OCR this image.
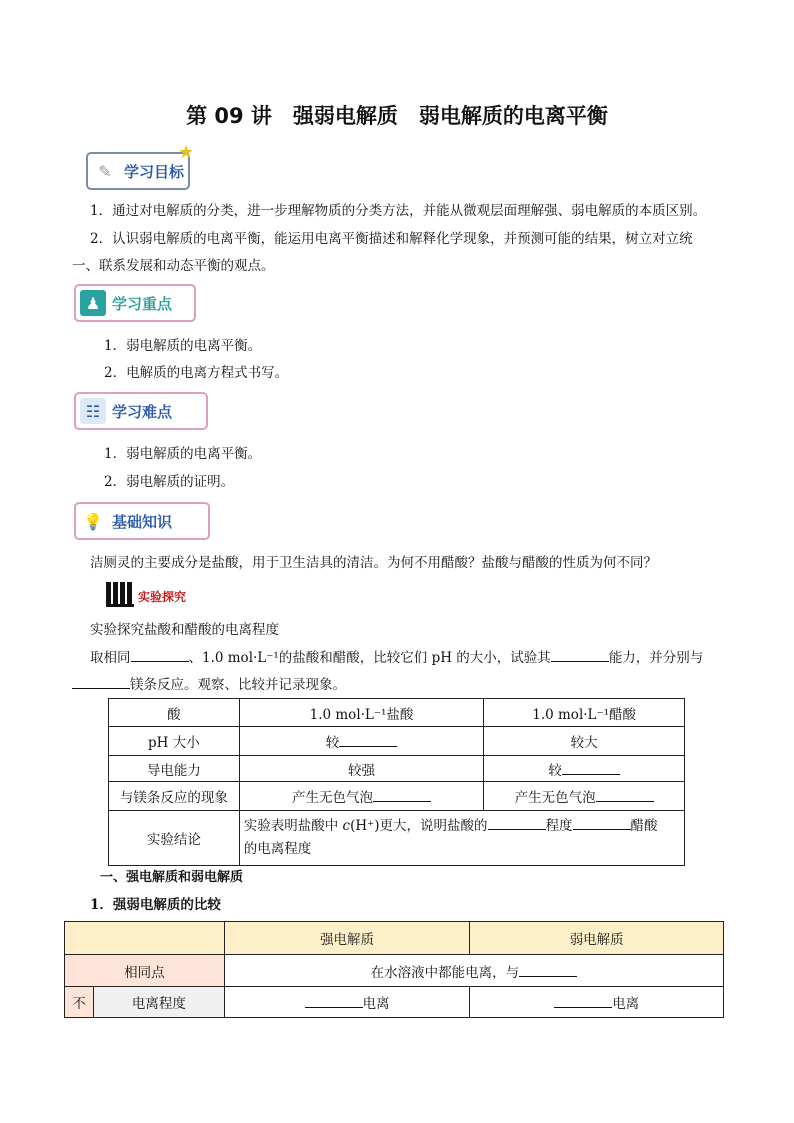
第 09 讲　强弱电解质　弱电解质的电离平衡
✎ 学习目标
★
1．通过对电解质的分类，进一步理解物质的分类方法，并能从微观层面理解强、弱电解质的本质区别。
2．认识弱电解质的电离平衡，能运用电离平衡描述和解释化学现象，并预测可能的结果，树立对立统
一、联系发展和动态平衡的观点。
♟ 学习重点
1．弱电解质的电离平衡。
2．电解质的电离方程式书写。
☷ 学习难点
1．弱电解质的电离平衡。
2．弱电解质的证明。
💡 基础知识
洁厕灵的主要成分是盐酸，用于卫生洁具的清洁。为何不用醋酸？盐酸与醋酸的性质为何不同？
实验探究
实验探究盐酸和醋酸的电离程度
取相同	、1.0 mol·L⁻¹的盐酸和醋酸，比较它们 pH 的大小，试验其	能力，并分别与
镁条反应。观察、比较并记录现象。
酸	1.0 mol·L⁻¹盐酸	1.0 mol·L⁻¹醋酸
pH 大小	较	较大
导电能力	较强	较
与镁条反应的现象	产生无色气泡	产生无色气泡
实验结论	实验表明盐酸中 c(H⁺)更大，说明盐酸的 程度 醋酸
的电离程度	
一、强电解质和弱电解质
1．强弱电解质的比较
		强电解质	弱电解质
相同点		在水溶液中都能电离，与	
不	电离程度	电离	电离
